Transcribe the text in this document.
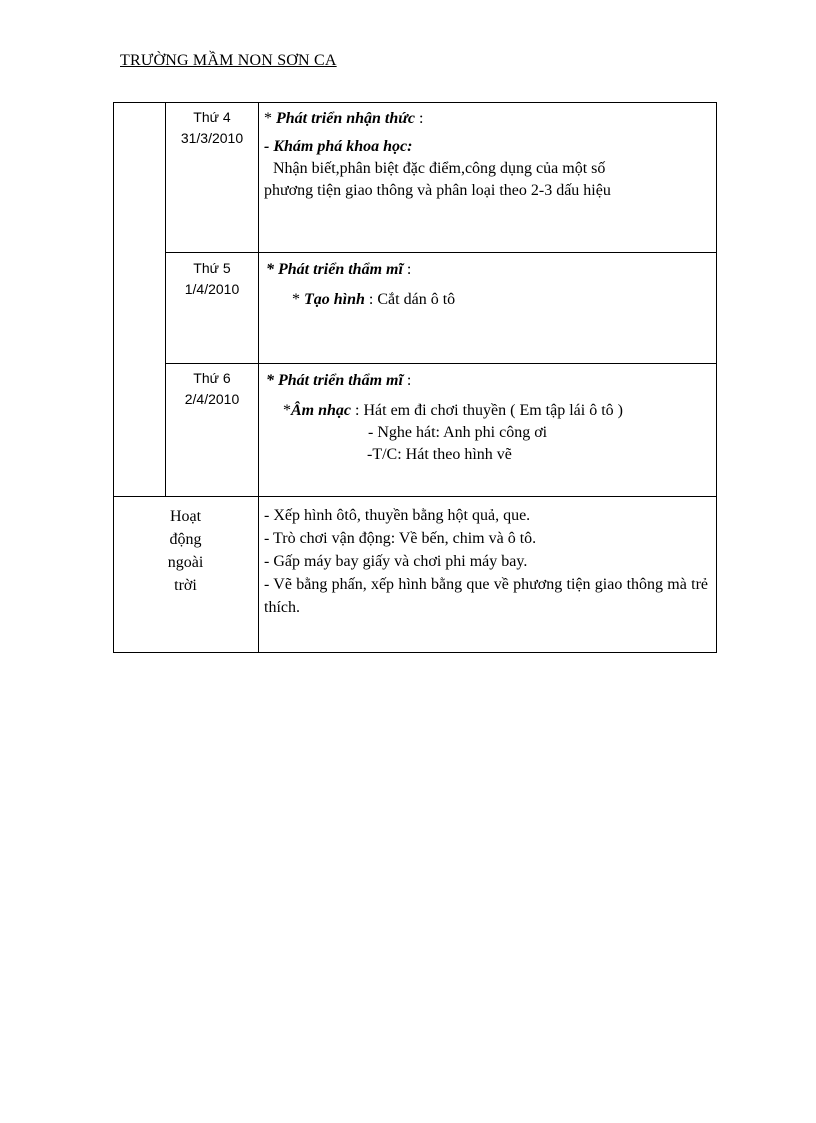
TRƯỜNG MẦM NON SƠN CA
Thứ 4
31/3/2010
* Phát triển nhận thức :
- Khám phá khoa học:
Nhận biết,phân biệt đặc điểm,công dụng của một số
phương tiện giao thông và phân loại theo 2-3 dấu hiệu
Thứ 5
1/4/2010
* Phát triển thẩm mĩ :
* Tạo hình : Cắt dán ô tô
Thứ 6
2/4/2010
* Phát triển thẩm mĩ :
*Âm nhạc : Hát em đi chơi thuyền ( Em tập lái ô tô )
- Nghe hát: Anh phi công ơi
-T/C: Hát theo hình vẽ
Hoạt
động
ngoài
trời
- Xếp hình ôtô, thuyền bằng hột quả, que.
- Trò chơi vận động: Về bến, chim và ô tô.
- Gấp máy bay giấy và chơi phi máy bay.
- Vẽ bằng phấn, xếp hình bằng que về phương tiện giao thông mà trẻ thích.
